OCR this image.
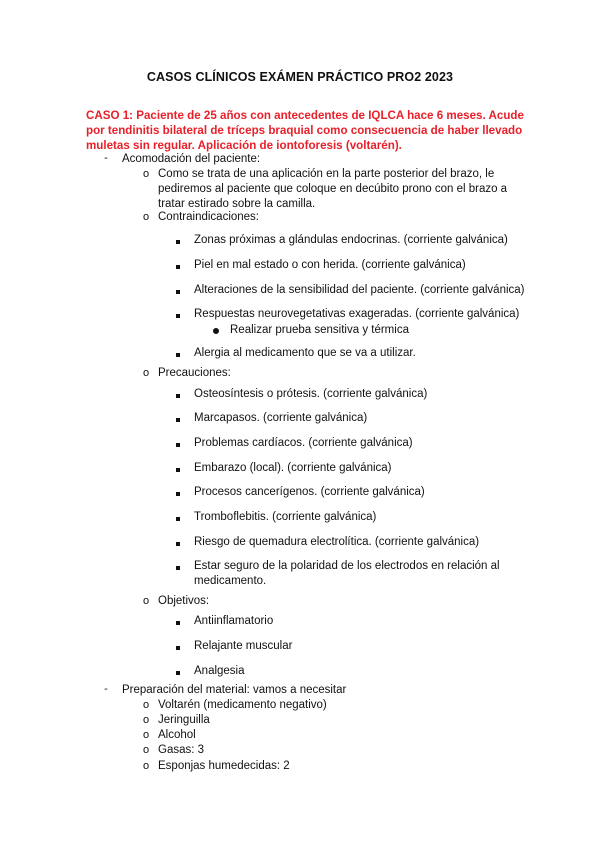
CASOS CLÍNICOS EXÁMEN PRÁCTICO PRO2 2023
CASO 1: Paciente de 25 años con antecedentes de IQLCA hace 6 meses. Acude por tendinitis bilateral de tríceps braquial como consecuencia de haber llevado muletas sin regular. Aplicación de iontoforesis (voltarén).
-	Acomodación del paciente:
o Como se trata de una aplicación en la parte posterior del brazo, le pediremos al paciente que coloque en decúbito prono con el brazo a tratar estirado sobre la camilla.
o Contraindicaciones:
Zonas próximas a glándulas endocrinas. (corriente galvánica)
Piel en mal estado o con herida. (corriente galvánica)
Alteraciones de la sensibilidad del paciente. (corriente galvánica)
Respuestas neurovegetativas exageradas. (corriente galvánica)
Realizar prueba sensitiva y térmica
Alergia al medicamento que se va a utilizar.
o Precauciones:
Osteosíntesis o prótesis. (corriente galvánica)
Marcapasos. (corriente galvánica)
Problemas cardíacos. (corriente galvánica)
Embarazo (local). (corriente galvánica)
Procesos cancerígenos. (corriente galvánica)
Tromboflebitis. (corriente galvánica)
Riesgo de quemadura electrolítica. (corriente galvánica)
Estar seguro de la polaridad de los electrodos en relación al medicamento.
o Objetivos:
Antiinflamatorio
Relajante muscular
Analgesia
-	Preparación del material: vamos a necesitar
o Voltarén (medicamento negativo)
o Jeringuilla
o Alcohol
o Gasas: 3
o Esponjas humedecidas: 2
